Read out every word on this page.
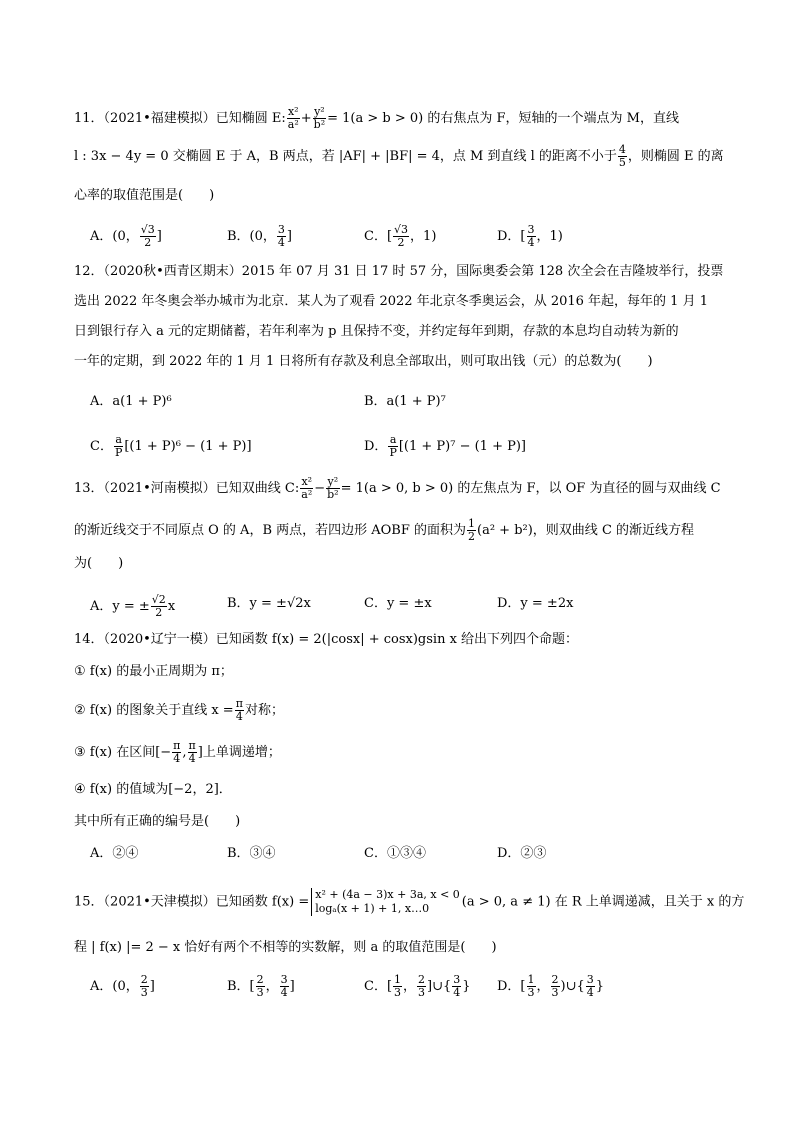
11．（2021•福建模拟）已知椭圆 E: $\frac{\text{x²}}{\text{a²}} + \frac{\text{y²}}{\text{b²}} = 1(a > b > 0)$ 的右焦点为 F，短轴的一个端点为 M，直线
l : 3x − 4y = 0 交椭圆 E 于 A，B 两点，若 |AF| + |BF| = 4，点 M 到直线 l 的距离不小于 $\frac{4}{5}$ ，则椭圆 E 的离
心率的取值范围是(　　)
A．(0， $\frac{√3}{2}$ ]	B．(0， $\frac{3}{4}$ ]	C．[ $\frac{√3}{2}$ ，1)	D．[ $\frac{3}{4}$ ，1)
12．（2020秋•西青区期末）2015 年 07 月 31 日 17 时 57 分，国际奥委会第 128 次全会在吉隆坡举行，投票
选出 2022 年冬奥会举办城市为北京．某人为了观看 2022 年北京冬季奥运会，从 2016 年起，每年的 1 月 1
日到银行存入 a 元的定期储蓄，若年利率为 p 且保持不变，并约定每年到期，存款的本息均自动转为新的
一年的定期，到 2022 年的 1 月 1 日将所有存款及利息全部取出，则可取出钱（元）的总数为(　　)
A．a(1 + P)⁶	B．a(1 + P)⁷
C． $\frac{a}{P} [(1 + P)^6 - (1 + P)]$	D． $\frac{a}{P} [(1 + P)^7 - (1 + P)]$
13．（2021•河南模拟）已知双曲线 C: $\frac{\text{x²}}{\text{a²}} - \frac{\text{y²}}{\text{b²}} = 1(a > 0$, b > 0) 的左焦点为 F，以 OF 为直径的圆与双曲线 C
的渐近线交于不同原点 O 的 A，B 两点，若四边形 AOBF 的面积为 $\frac{1}{2} (a^2 + b^2)$，则双曲线 C 的渐近线方程
为(　　)
A．y = ± $\frac{√2}{2}$ x	B．y = ±√2x	C．y = ±x	D．y = ±2x
14．（2020•辽宁一模）已知函数 f(x) = 2(|cosx| + cosx)gsin x 给出下列四个命题：
① f(x) 的最小正周期为 π；
② f(x) 的图象关于直线 $x = \frac{\pi}{4}$ 对称；
③ f(x) 在区间[− $\frac{\pi}{4}$ , $\frac{\pi}{4}$ ]上单调递增；
④ f(x) 的值域为[−2，2]．
其中所有正确的编号是(　　)
A．②④	B．③④	C．①③④	D．②③
15．（2021•天津模拟）已知函数 f(x) = x² + (4a − 3)x + 3a, x < 0
logₐ(x + 1) + 1, x…0	(a > 0, a ≠ 1) 在 R 上单调递减，且关于 x 的方
程 | f(x) |= 2 − x 恰好有两个不相等的实数解，则 a 的取值范围是(　　)
A．(0， $\frac{2}{3}$ ]	B．[ $\frac{2}{3}$ ， $\frac{3}{4}$ ]	C．[ $\frac{1}{3}$ ， $\frac{2}{3}$ ]∪{ $\frac{3}{4}$ } D．[ $\frac{1}{3}$ ， $\frac{2}{3}$ )∪{ $\frac{3}{4}$ }
